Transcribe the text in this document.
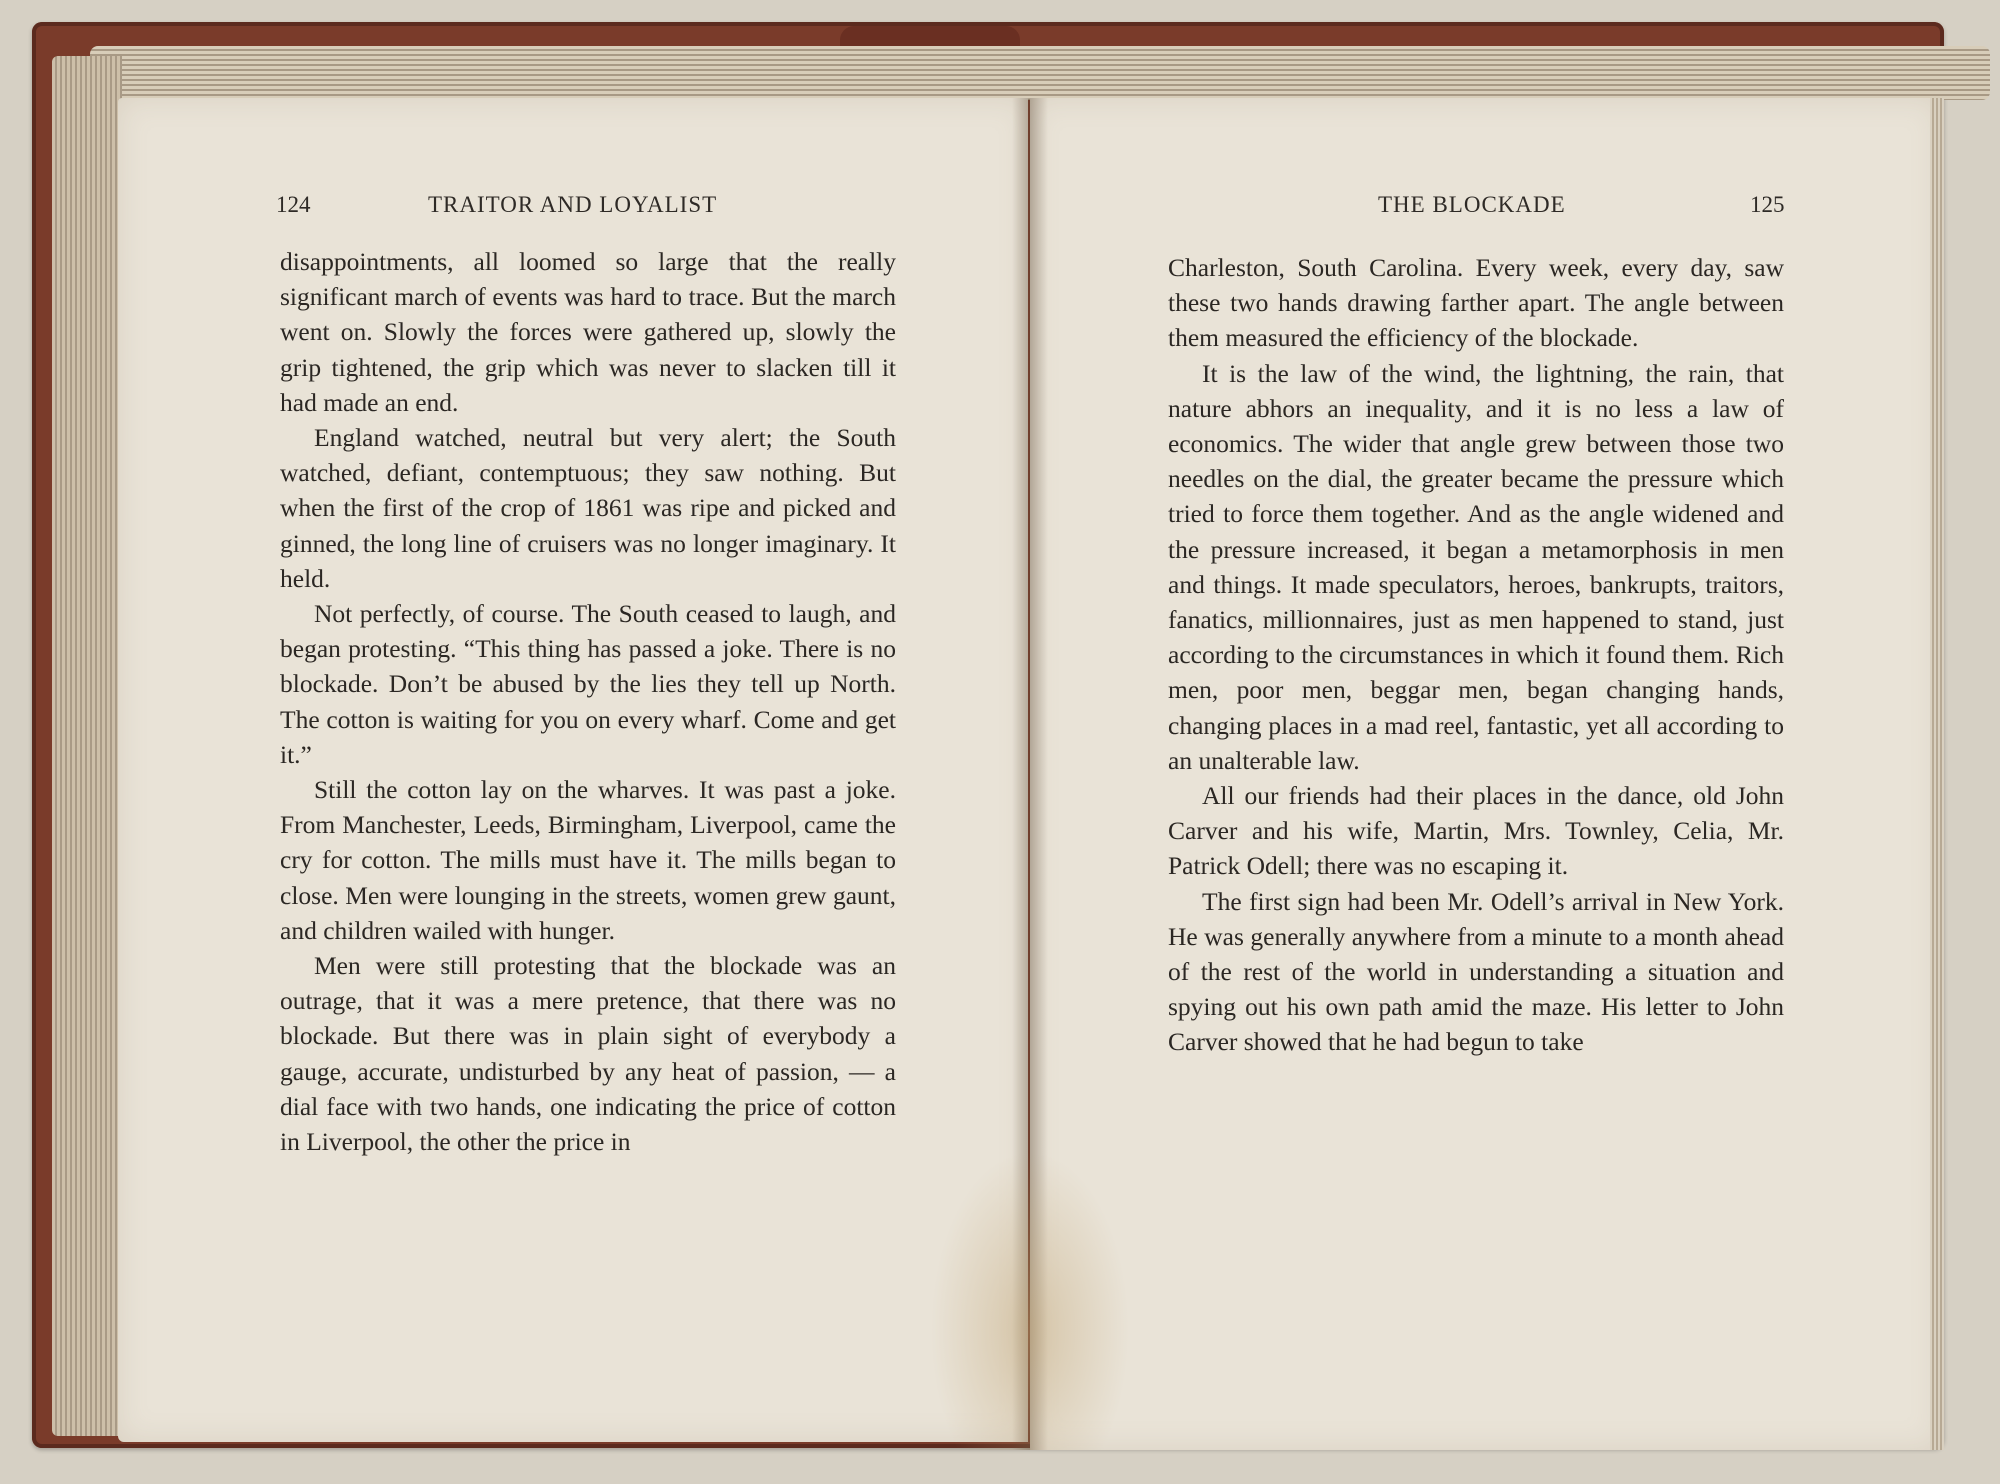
124	TRAITOR AND LOYALIST	THE BLOCKADE	125

disappointments, all loomed so large that the really significant march of events was hard to trace. But the march went on. Slowly the forces were gathered up, slowly the grip tightened, the grip which was never to slacken till it had made an end.

England watched, neutral but very alert; the South watched, defiant, contemptuous; they saw nothing. But when the first of the crop of 1861 was ripe and picked and ginned, the long line of cruisers was no longer imaginary. It held.

Not perfectly, of course. The South ceased to laugh, and began protesting. “This thing has passed a joke. There is no blockade. Don’t be abused by the lies they tell up North. The cotton is waiting for you on every wharf. Come and get it.”

Still the cotton lay on the wharves. It was past a joke. From Manchester, Leeds, Birmingham, Liverpool, came the cry for cotton. The mills must have it. The mills began to close. Men were lounging in the streets, women grew gaunt, and children wailed with hunger.

Men were still protesting that the blockade was an outrage, that it was a mere pretence, that there was no blockade. But there was in plain sight of everybody a gauge, accurate, undisturbed by any heat of passion, — a dial face with two hands, one indicating the price of cotton in Liverpool, the other the price in

Charleston, South Carolina. Every week, every day, saw these two hands drawing farther apart. The angle between them measured the efficiency of the blockade.

It is the law of the wind, the lightning, the rain, that nature abhors an inequality, and it is no less a law of economics. The wider that angle grew between those two needles on the dial, the greater became the pressure which tried to force them together. And as the angle widened and the pressure increased, it began a metamorphosis in men and things. It made speculators, heroes, bankrupts, traitors, fanatics, millionnaires, just as men happened to stand, just according to the circumstances in which it found them. Rich men, poor men, beggar men, began changing hands, changing places in a mad reel, fantastic, yet all according to an unalterable law.

All our friends had their places in the dance, old John Carver and his wife, Martin, Mrs. Townley, Celia, Mr. Patrick Odell; there was no escaping it.

The first sign had been Mr. Odell’s arrival in New York. He was generally anywhere from a minute to a month ahead of the rest of the world in understanding a situation and spying out his own path amid the maze. His letter to John Carver showed that he had begun to take
